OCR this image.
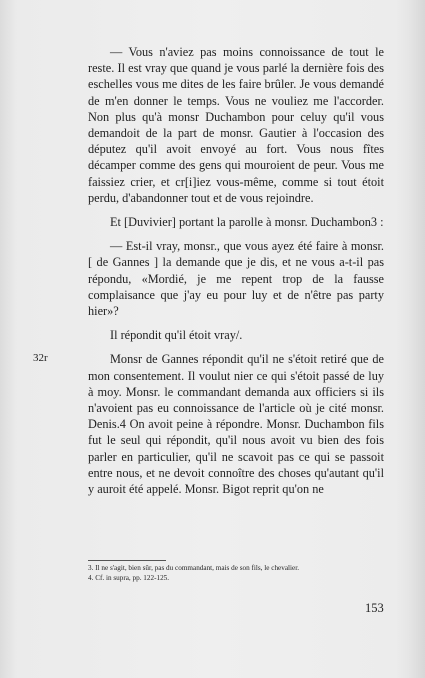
— Vous n'aviez pas moins connoissance de tout le reste. Il est vray que quand je vous parlé la dernière fois des eschelles vous me dites de les faire brûler. Je vous demandé de m'en donner le temps. Vous ne vouliez me l'accorder. Non plus qu'à monsr Duchambon pour celuy qu'il vous demandoit de la part de monsr. Gautier à l'occasion des députez qu'il avoit envoyé au fort. Vous nous fîtes décamper comme des gens qui mouroient de peur. Vous me faissiez crier, et cr[i]iez vous-même, comme si tout étoit perdu, d'abandonner tout et de vous rejoindre.

Et [Duvivier] portant la parolle à monsr. Duchambon3 :

— Est-il vray, monsr., que vous ayez été faire à monsr. [ de Gannes ] la demande que je dis, et ne vous a-t-il pas répondu, «Mordié, je me repent trop de la fausse complaisance que j'ay eu pour luy et de n'être pas party hier»?

Il répondit qu'il étoit vray/.

Monsr de Gannes répondit qu'il ne s'étoit retiré que de mon consentement. Il voulut nier ce qui s'étoit passé de luy à moy. Monsr. le commandant demanda aux officiers si ils n'avoient pas eu connoissance de l'article où je cité monsr. Denis.4 On avoit peine à répondre. Monsr. Duchambon fils fut le seul qui répondit, qu'il nous avoit vu bien des fois parler en particulier, qu'il ne scavoit pas ce qui se passoit entre nous, et ne devoit connoître des choses qu'autant qu'il y auroit été appelé. Monsr. Bigot reprit qu'on ne

32r
3. Il ne s'agit, bien sûr, pas du commandant, mais de son fils, le chevalier.
4. Cf. in supra, pp. 122-125.
153
